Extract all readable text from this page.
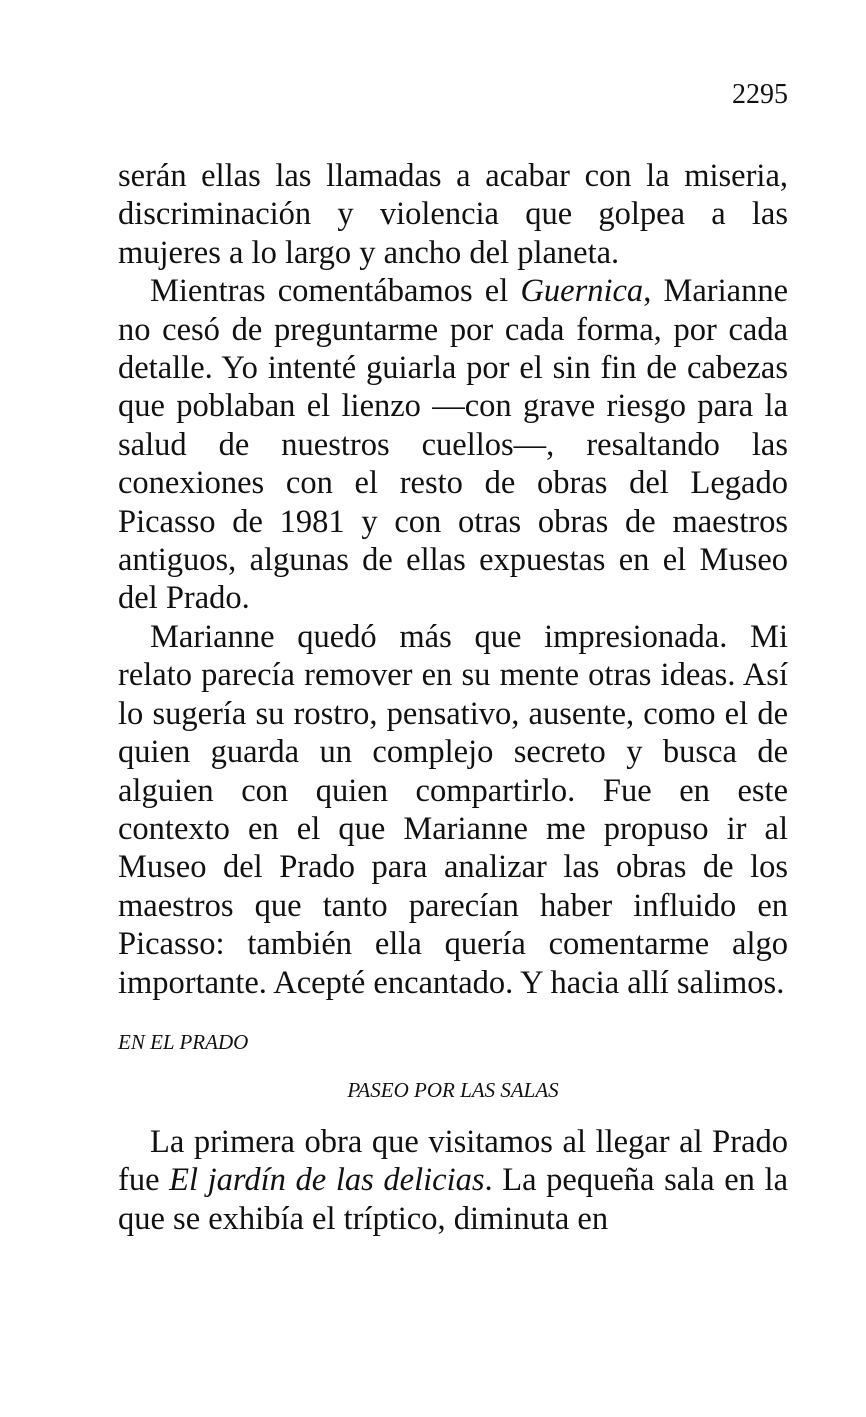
2295

serán ellas las llamadas a acabar con la miseria, discriminación y violencia que golpea a las mujeres a lo largo y ancho del planeta.

Mientras comentábamos el Guernica, Marianne no cesó de preguntarme por cada forma, por cada detalle. Yo intenté guiarla por el sin fin de cabezas que poblaban el lienzo —con grave riesgo para la salud de nuestros cuellos—, resaltando las conexiones con el resto de obras del Legado Picasso de 1981 y con otras obras de maestros antiguos, algunas de ellas expuestas en el Museo del Prado.

Marianne quedó más que impresionada. Mi relato parecía remover en su mente otras ideas. Así lo sugería su rostro, pensativo, ausente, como el de quien guarda un complejo secreto y busca de alguien con quien compartirlo. Fue en este contexto en el que Marianne me propuso ir al Museo del Prado para analizar las obras de los maestros que tanto parecían haber influido en Picasso: también ella quería comentarme algo importante. Acepté encantado. Y hacia allí salimos.

EN EL PRADO
PASEO POR LAS SALAS

La primera obra que visitamos al llegar al Prado fue El jardín de las delicias. La pequeña sala en la que se exhibía el tríptico, diminuta en
